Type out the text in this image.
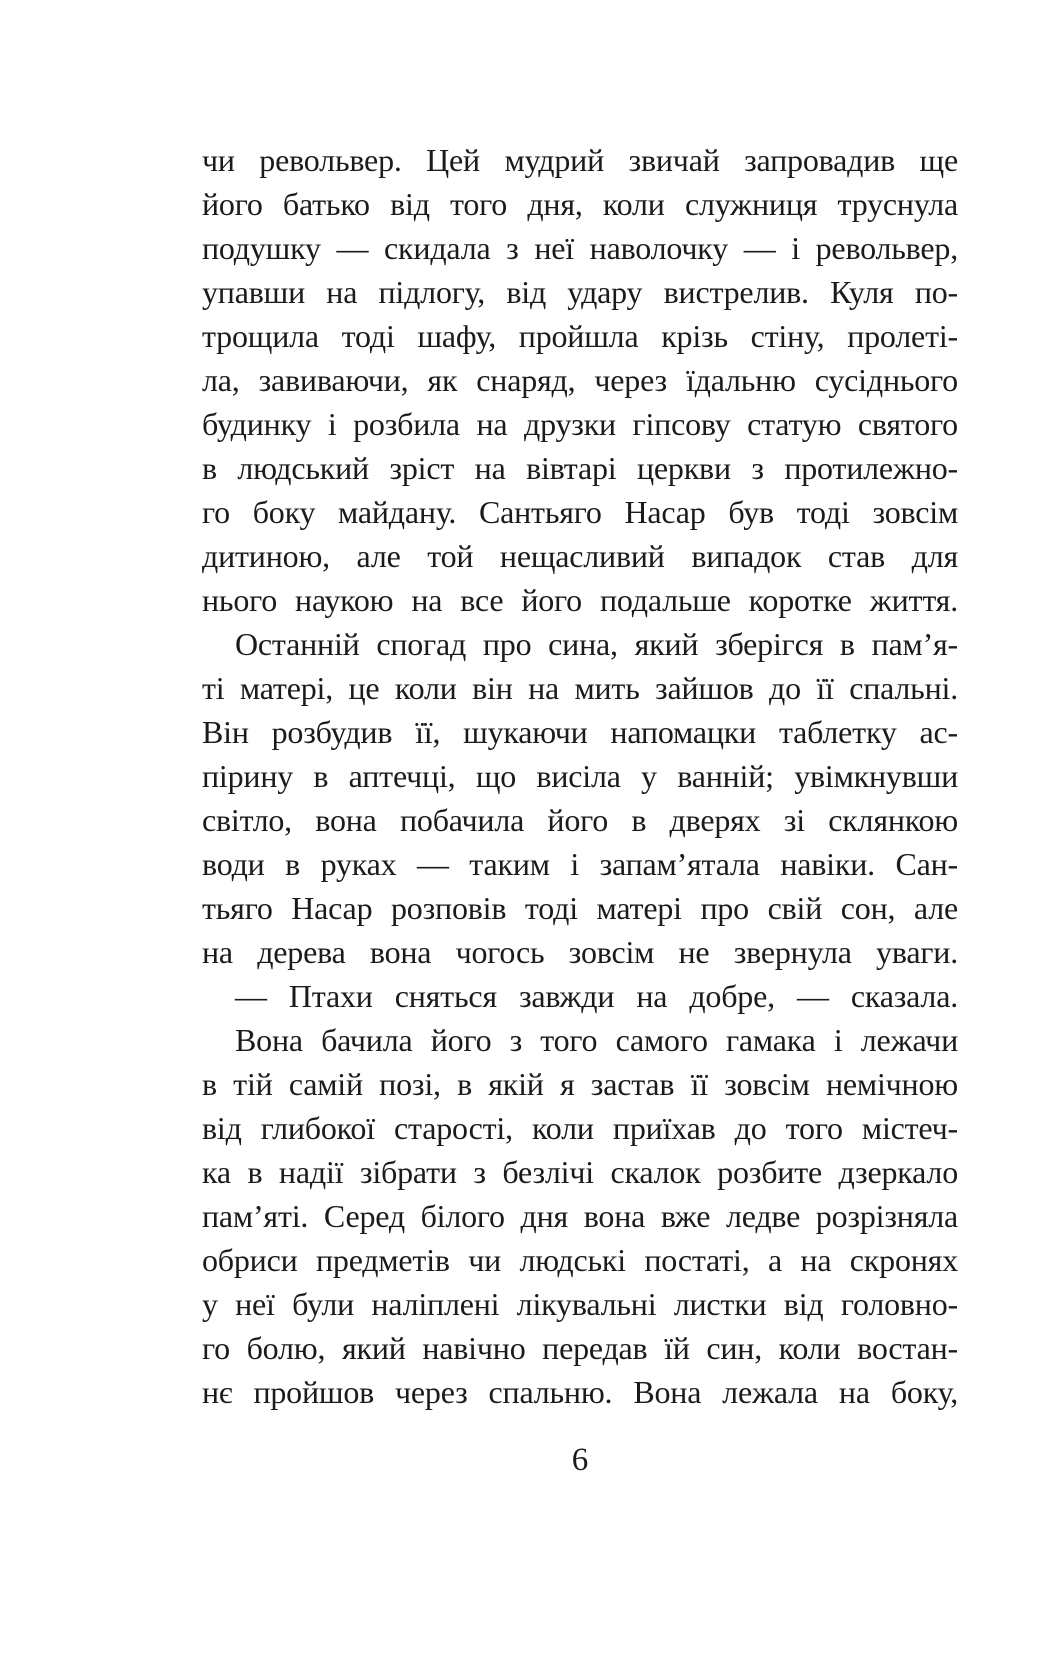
чи револьвер. Цей мудрий звичай запровадив ще
його батько від того дня, коли служниця труснула
подушку — скидала з неї наволочку — і револьвер,
упавши на підлогу, від удару вистрелив. Куля по-
трощила тоді шафу, пройшла крізь стіну, пролеті-
ла, завиваючи, як снаряд, через їдальню сусіднього
будинку і розбила на друзки гіпсову статую святого
в людський зріст на вівтарі церкви з протилежно-
го боку майдану. Сантьяго Насар був тоді зовсім
дитиною, але той нещасливий випадок став для
нього наукою на все його подальше коротке життя.
Останній спогад про сина, який зберігся в пам’я-
ті матері, це коли він на мить зайшов до її спальні.
Він розбудив її, шукаючи напомацки таблетку ас-
пірину в аптечці, що висіла у ванній; увімкнувши
світло, вона побачила його в дверях зі склянкою
води в руках — таким і запам’ятала навіки. Сан-
тьяго Насар розповів тоді матері про свій сон, але
на дерева вона чогось зовсім не звернула уваги.
— Птахи сняться завжди на добре, — сказала.
Вона бачила його з того самого гамака і лежачи
в тій самій позі, в якій я застав її зовсім немічною
від глибокої старості, коли приїхав до того містеч-
ка в надії зібрати з безлічі скалок розбите дзеркало
пам’яті. Серед білого дня вона вже ледве розрізняла
обриси предметів чи людські постаті, а на скронях
у неї були наліплені лікувальні листки від головно-
го болю, який навічно передав їй син, коли востан-
нє пройшов через спальню. Вона лежала на боку,
6
